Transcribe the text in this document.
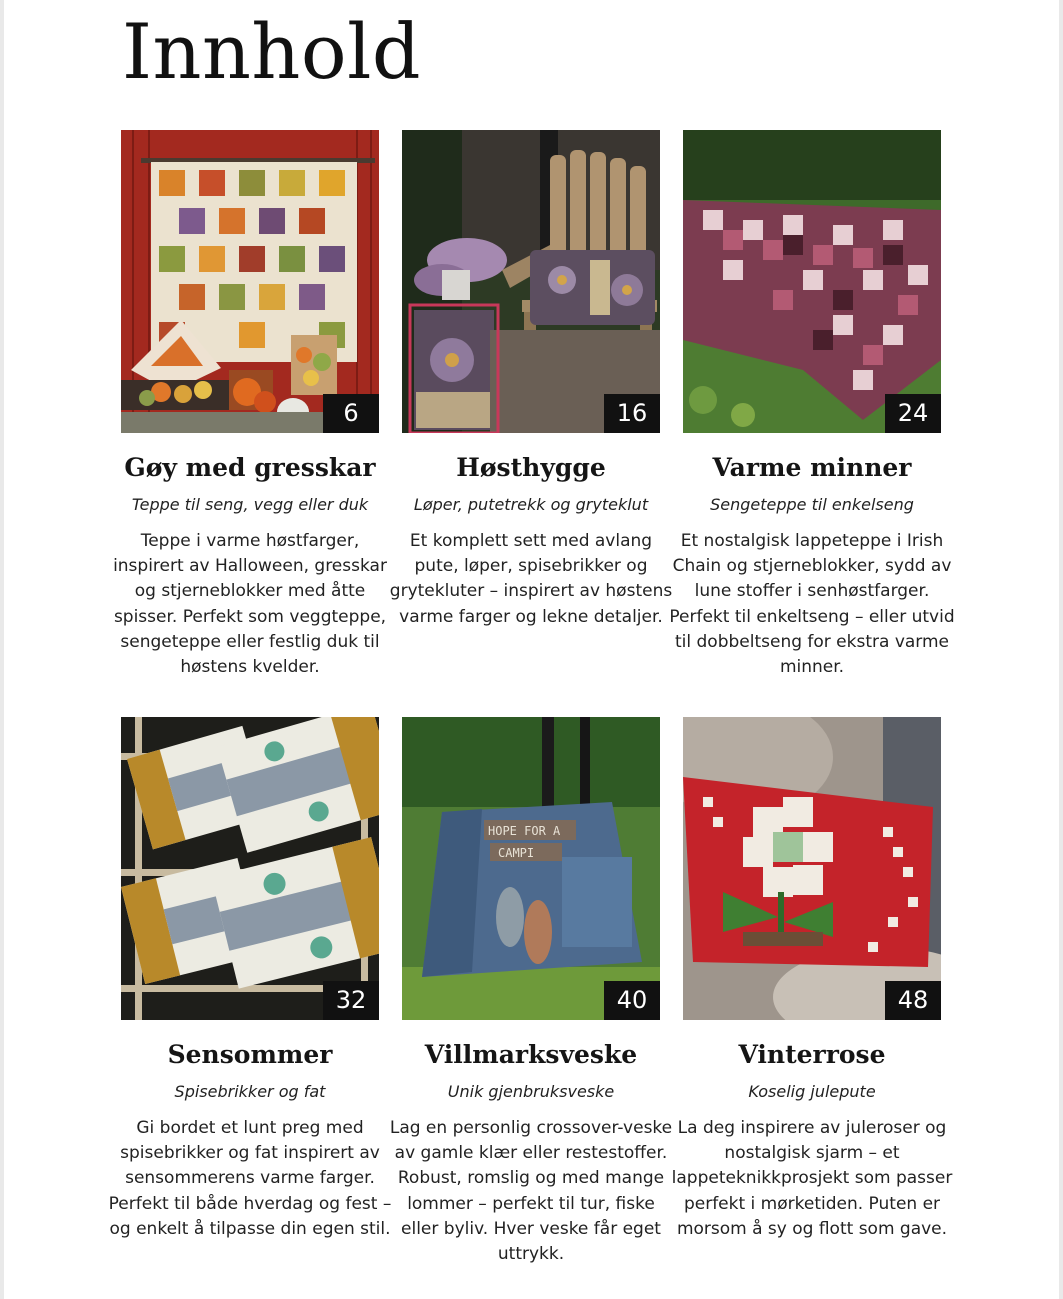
Innhold
6
Gøy med gresskar
Teppe til seng, vegg eller duk
Teppe i varme høstfarger, inspirert av Halloween, gresskar og stjerneblokker med åtte spisser. Perfekt som veggteppe, sengeteppe eller festlig duk til høstens kvelder.
16
Høsthygge
Løper, putetrekk og gryteklut
Et komplett sett med avlang pute, løper, spisebrikker og grytekluter – inspirert av høstens varme farger og lekne detaljer.
24
Varme minner
Sengeteppe til enkelseng
Et nostalgisk lappeteppe i Irish Chain og stjerneblokker, sydd av lune stoffer i senhøstfarger. Perfekt til enkeltseng – eller utvid til dobbeltseng for ekstra varme minner.
32
Sensommer
Spisebrikker og fat
Gi bordet et lunt preg med spisebrikker og fat inspirert av sensommerens varme farger. Perfekt til både hverdag og fest – og enkelt å tilpasse din egen stil.
HOPE FOR A
CAMPI
40
Villmarksveske
Unik gjenbruksveske
Lag en personlig crossover-veske av gamle klær eller restestoffer. Robust, romslig og med mange lommer – perfekt til tur, fiske eller byliv. Hver veske får eget uttrykk.
48
Vinterrose
Koselig julepute
La deg inspirere av juleroser og nostalgisk sjarm – et lappeteknikkprosjekt som passer perfekt i mørketiden. Puten er morsom å sy og flott som gave.
